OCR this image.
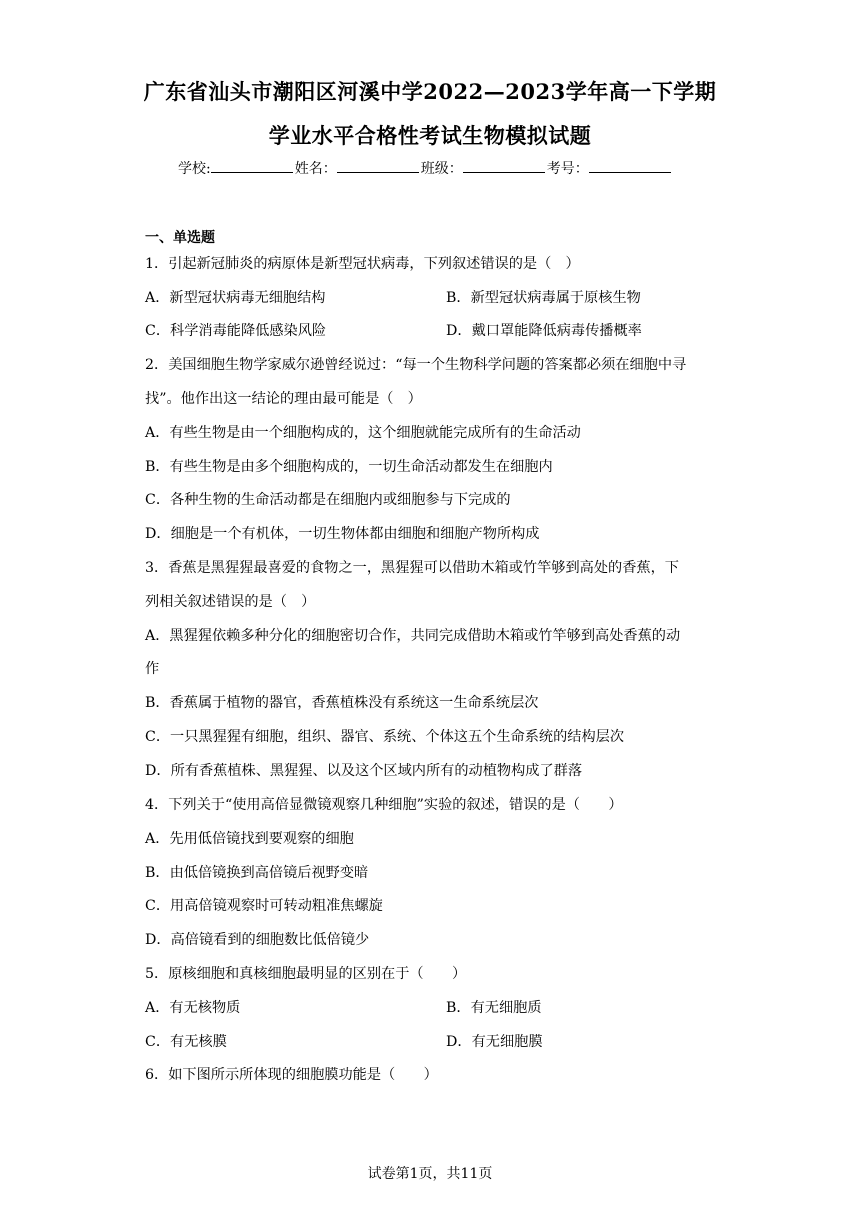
广东省汕头市潮阳区河溪中学2022—2023学年高一下学期
学业水平合格性考试生物模拟试题
学校:	姓名：	班级：	考号：
一、单选题
1．引起新冠肺炎的病原体是新型冠状病毒，下列叙述错误的是（　）
A．新型冠状病毒无细胞结构	B．新型冠状病毒属于原核生物
C．科学消毒能降低感染风险	D．戴口罩能降低病毒传播概率
2．美国细胞生物学家威尔逊曾经说过：“每一个生物科学问题的答案都必须在细胞中寻
找”。他作出这一结论的理由最可能是（　）
A．有些生物是由一个细胞构成的，这个细胞就能完成所有的生命活动
B．有些生物是由多个细胞构成的，一切生命活动都发生在细胞内
C．各种生物的生命活动都是在细胞内或细胞参与下完成的
D．细胞是一个有机体，一切生物体都由细胞和细胞产物所构成
3．香蕉是黑猩猩最喜爱的食物之一，黑猩猩可以借助木箱或竹竿够到高处的香蕉，下
列相关叙述错误的是（　）
A．黑猩猩依赖多种分化的细胞密切合作，共同完成借助木箱或竹竿够到高处香蕉的动
作
B．香蕉属于植物的器官，香蕉植株没有系统这一生命系统层次
C．一只黑猩猩有细胞，组织、器官、系统、个体这五个生命系统的结构层次
D．所有香蕉植株、黑猩猩、以及这个区域内所有的动植物构成了群落
4．下列关于“使用高倍显微镜观察几种细胞”实验的叙述，错误的是（　　）
A．先用低倍镜找到要观察的细胞
B．由低倍镜换到高倍镜后视野变暗
C．用高倍镜观察时可转动粗准焦螺旋
D．高倍镜看到的细胞数比低倍镜少
5．原核细胞和真核细胞最明显的区别在于（　　）
A．有无核物质	B．有无细胞质
C．有无核膜	D．有无细胞膜
6．如下图所示所体现的细胞膜功能是（　　）
试卷第1页，共11页
